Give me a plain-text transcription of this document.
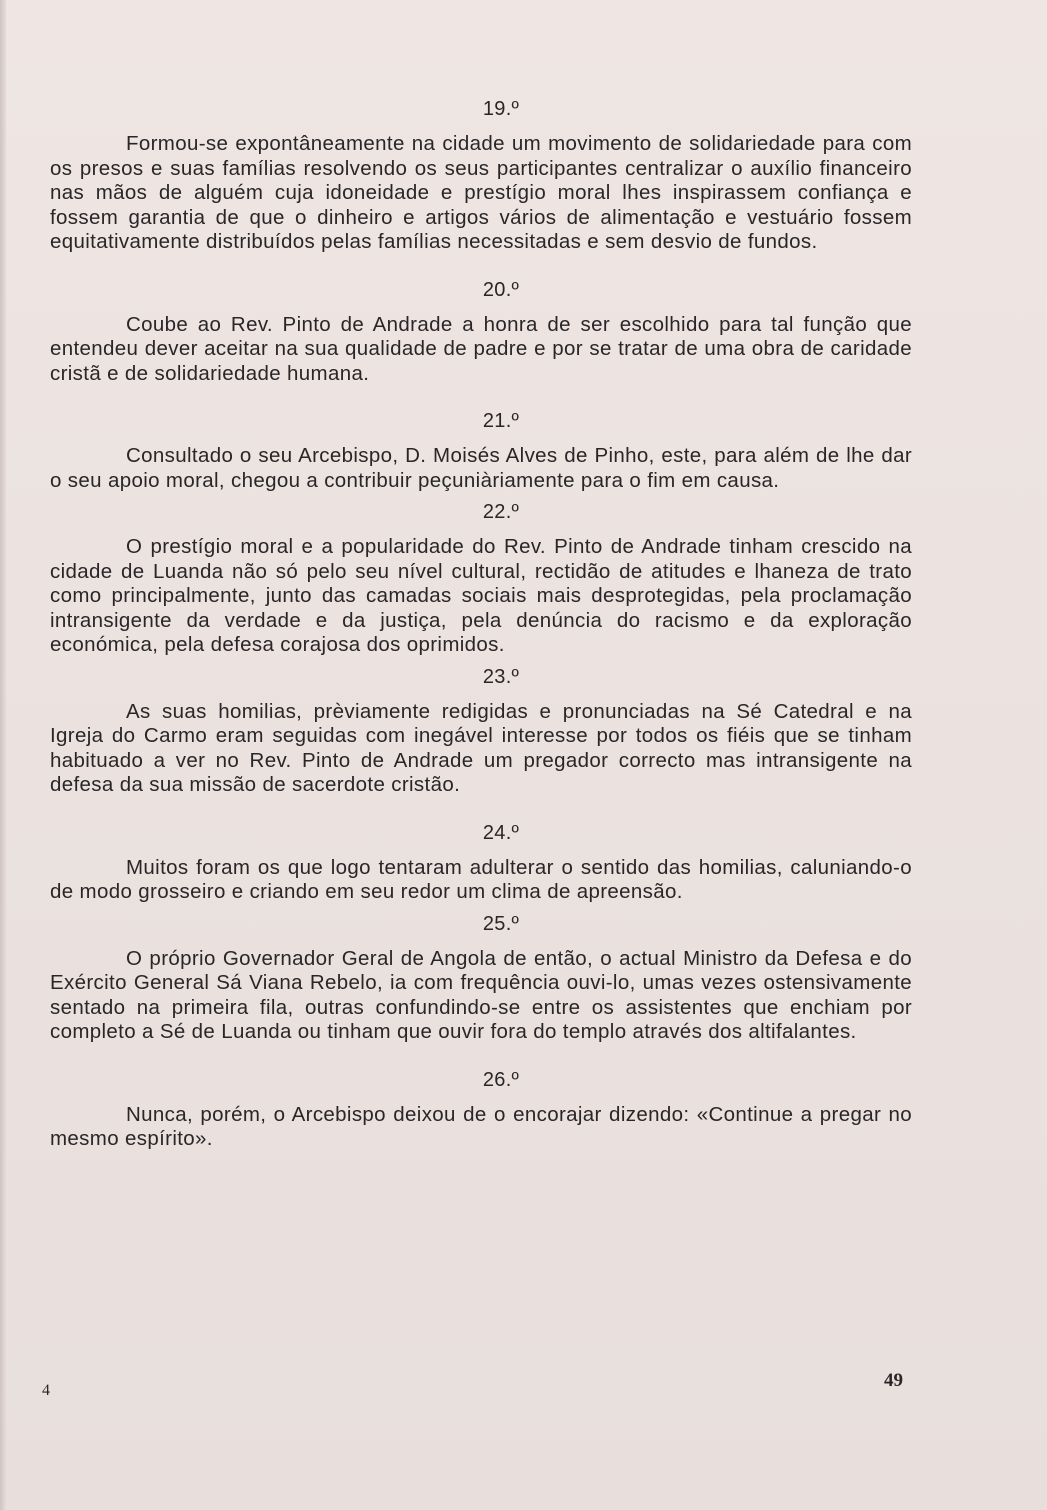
19.º

Formou-se expontâneamente na cidade um movimento de solidariedade para com os presos e suas famílias resolvendo os seus participantes centralizar o auxílio financeiro nas mãos de alguém cuja idoneidade e prestígio moral lhes inspirassem confiança e fossem garantia de que o dinheiro e artigos vários de alimentação e vestuário fossem equitativamente distribuídos pelas famílias necessitadas e sem desvio de fundos.

20.º

Coube ao Rev. Pinto de Andrade a honra de ser escolhido para tal função que entendeu dever aceitar na sua qualidade de padre e por se tratar de uma obra de caridade cristã e de solidariedade humana.

21.º

Consultado o seu Arcebispo, D. Moisés Alves de Pinho, este, para além de lhe dar o seu apoio moral, chegou a contribuir peçuniàriamente para o fim em causa.

22.º

O prestígio moral e a popularidade do Rev. Pinto de Andrade tinham crescido na cidade de Luanda não só pelo seu nível cultural, rectidão de atitudes e lhaneza de trato como principalmente, junto das camadas sociais mais desprotegidas, pela proclamação intransigente da verdade e da justiça, pela denúncia do racismo e da exploração económica, pela defesa corajosa dos oprimidos.

23.º

As suas homilias, prèviamente redigidas e pronunciadas na Sé Catedral e na Igreja do Carmo eram seguidas com inegável interesse por todos os fiéis que se tinham habituado a ver no Rev. Pinto de Andrade um pregador correcto mas intransigente na defesa da sua missão de sacerdote cristão.

24.º

Muitos foram os que logo tentaram adulterar o sentido das homilias, caluniando-o de modo grosseiro e criando em seu redor um clima de apreensão.

25.º

O próprio Governador Geral de Angola de então, o actual Ministro da Defesa e do Exército General Sá Viana Rebelo, ia com frequência ouvi-lo, umas vezes ostensivamente sentado na primeira fila, outras confundindo-se entre os assistentes que enchiam por completo a Sé de Luanda ou tinham que ouvir fora do templo através dos altifalantes.

26.º

Nunca, porém, o Arcebispo deixou de o encorajar dizendo: «Continue a pregar no mesmo espírito».

4	49
